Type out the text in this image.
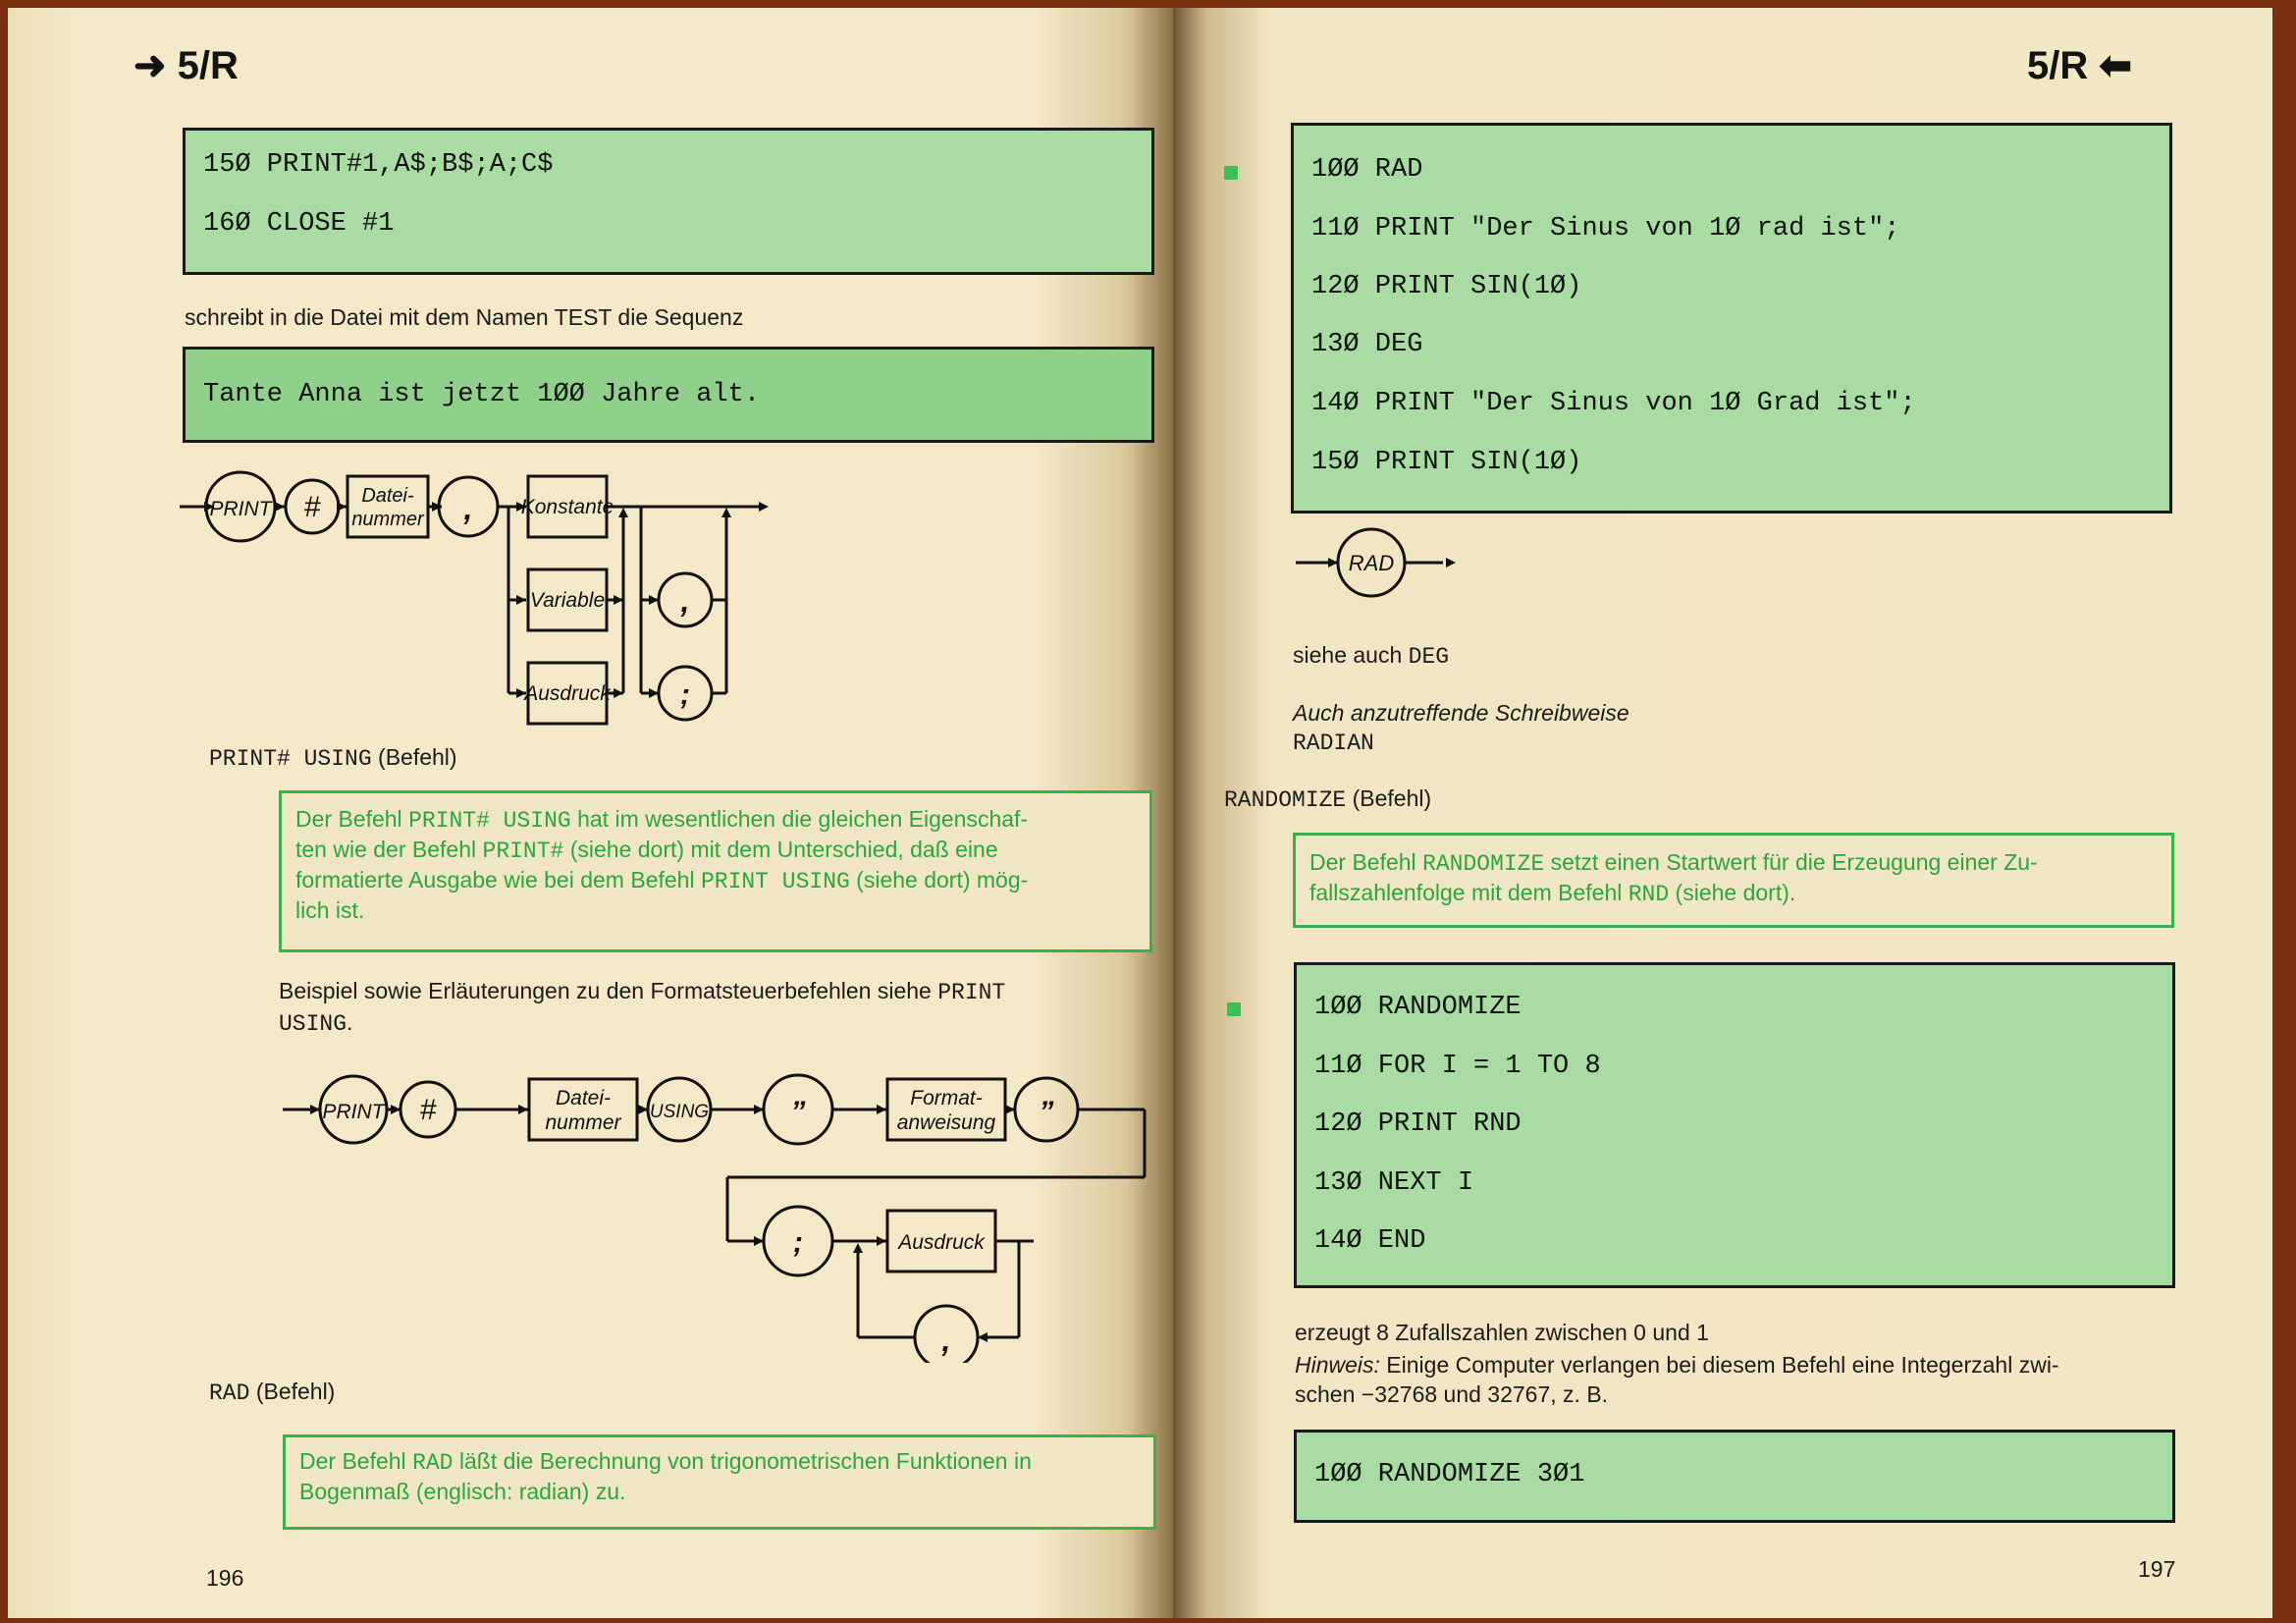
➜ 5/R
15Ø PRINT#1,A$;B$;A;C$
16Ø CLOSE #1
schreibt in die Datei mit dem Namen TEST die Sequenz
Tante Anna ist jetzt 1ØØ Jahre alt.
PRINT # Datei-
nummer , Konstante
Variable
Ausdruck
,
;
PRINT# USING (Befehl)
Der Befehl PRINT# USING hat im wesentlichen die gleichen Eigenschaf-
ten wie der Befehl PRINT# (siehe dort) mit dem Unterschied, daß eine
formatierte Ausgabe wie bei dem Befehl PRINT USING (siehe dort) mög-
lich ist.
Beispiel sowie Erläuterungen zu den Formatsteuerbefehlen siehe PRINT
USING.
PRINT #	Datei-
nummer USING	”	Format-
anweisung ”
;	Ausdruck
,
RAD (Befehl)
Der Befehl RAD läßt die Berechnung von trigonometrischen Funktionen in
Bogenmaß (englisch: radian) zu.
196
5/R ⬅
1ØØ RAD
11Ø PRINT "Der Sinus von 1Ø rad ist";
12Ø PRINT SIN(1Ø)
13Ø DEG
14Ø PRINT "Der Sinus von 1Ø Grad ist";
15Ø PRINT SIN(1Ø)
RAD
siehe auch DEG
Auch anzutreffende Schreibweise
RADIAN
RANDOMIZE (Befehl)
Der Befehl RANDOMIZE setzt einen Startwert für die Erzeugung einer Zu-
fallszahlenfolge mit dem Befehl RND (siehe dort).
1ØØ RANDOMIZE
11Ø FOR I = 1 TO 8
12Ø PRINT RND
13Ø NEXT I
14Ø END
erzeugt 8 Zufallszahlen zwischen 0 und 1
Hinweis: Einige Computer verlangen bei diesem Befehl eine Integerzahl zwi-
schen −32768 und 32767, z. B.
1ØØ RANDOMIZE 3Ø1
197
